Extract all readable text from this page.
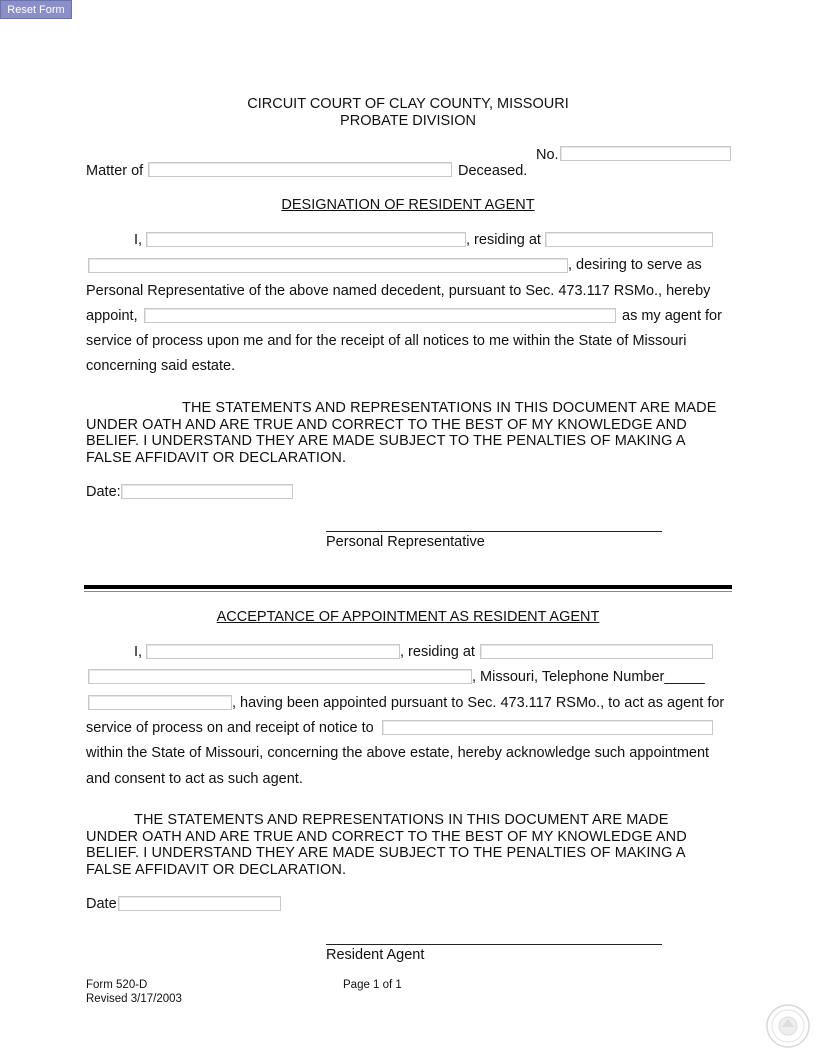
Reset Form
CIRCUIT COURT OF CLAY COUNTY, MISSOURI
PROBATE DIVISION
No.
Matter of	Deceased.
DESIGNATION OF RESIDENT AGENT
I,	, residing at
, desiring to serve as
Personal Representative of the above named decedent, pursuant to Sec. 473.117 RSMo., hereby
appoint,	as my agent for
service of process upon me and for the receipt of all notices to me within the State of Missouri
concerning said estate.
THE STATEMENTS AND REPRESENTATIONS IN THIS DOCUMENT ARE MADE
UNDER OATH AND ARE TRUE AND CORRECT TO THE BEST OF MY KNOWLEDGE AND
BELIEF. I UNDERSTAND THEY ARE MADE SUBJECT TO THE PENALTIES OF MAKING A
FALSE AFFIDAVIT OR DECLARATION.
Date:
Personal Representative
ACCEPTANCE OF APPOINTMENT AS RESIDENT AGENT
I,	, residing at
, Missouri, Telephone Number_____
, having been appointed pursuant to Sec. 473.117 RSMo., to act as agent for
service of process on and receipt of notice to
within the State of Missouri, concerning the above estate, hereby acknowledge such appointment
and consent to act as such agent.
THE STATEMENTS AND REPRESENTATIONS IN THIS DOCUMENT ARE MADE
UNDER OATH AND ARE TRUE AND CORRECT TO THE BEST OF MY KNOWLEDGE AND
BELIEF. I UNDERSTAND THEY ARE MADE SUBJECT TO THE PENALTIES OF MAKING A
FALSE AFFIDAVIT OR DECLARATION.
Date
Resident Agent
Form 520-D
Revised 3/17/2003
Page 1 of 1
